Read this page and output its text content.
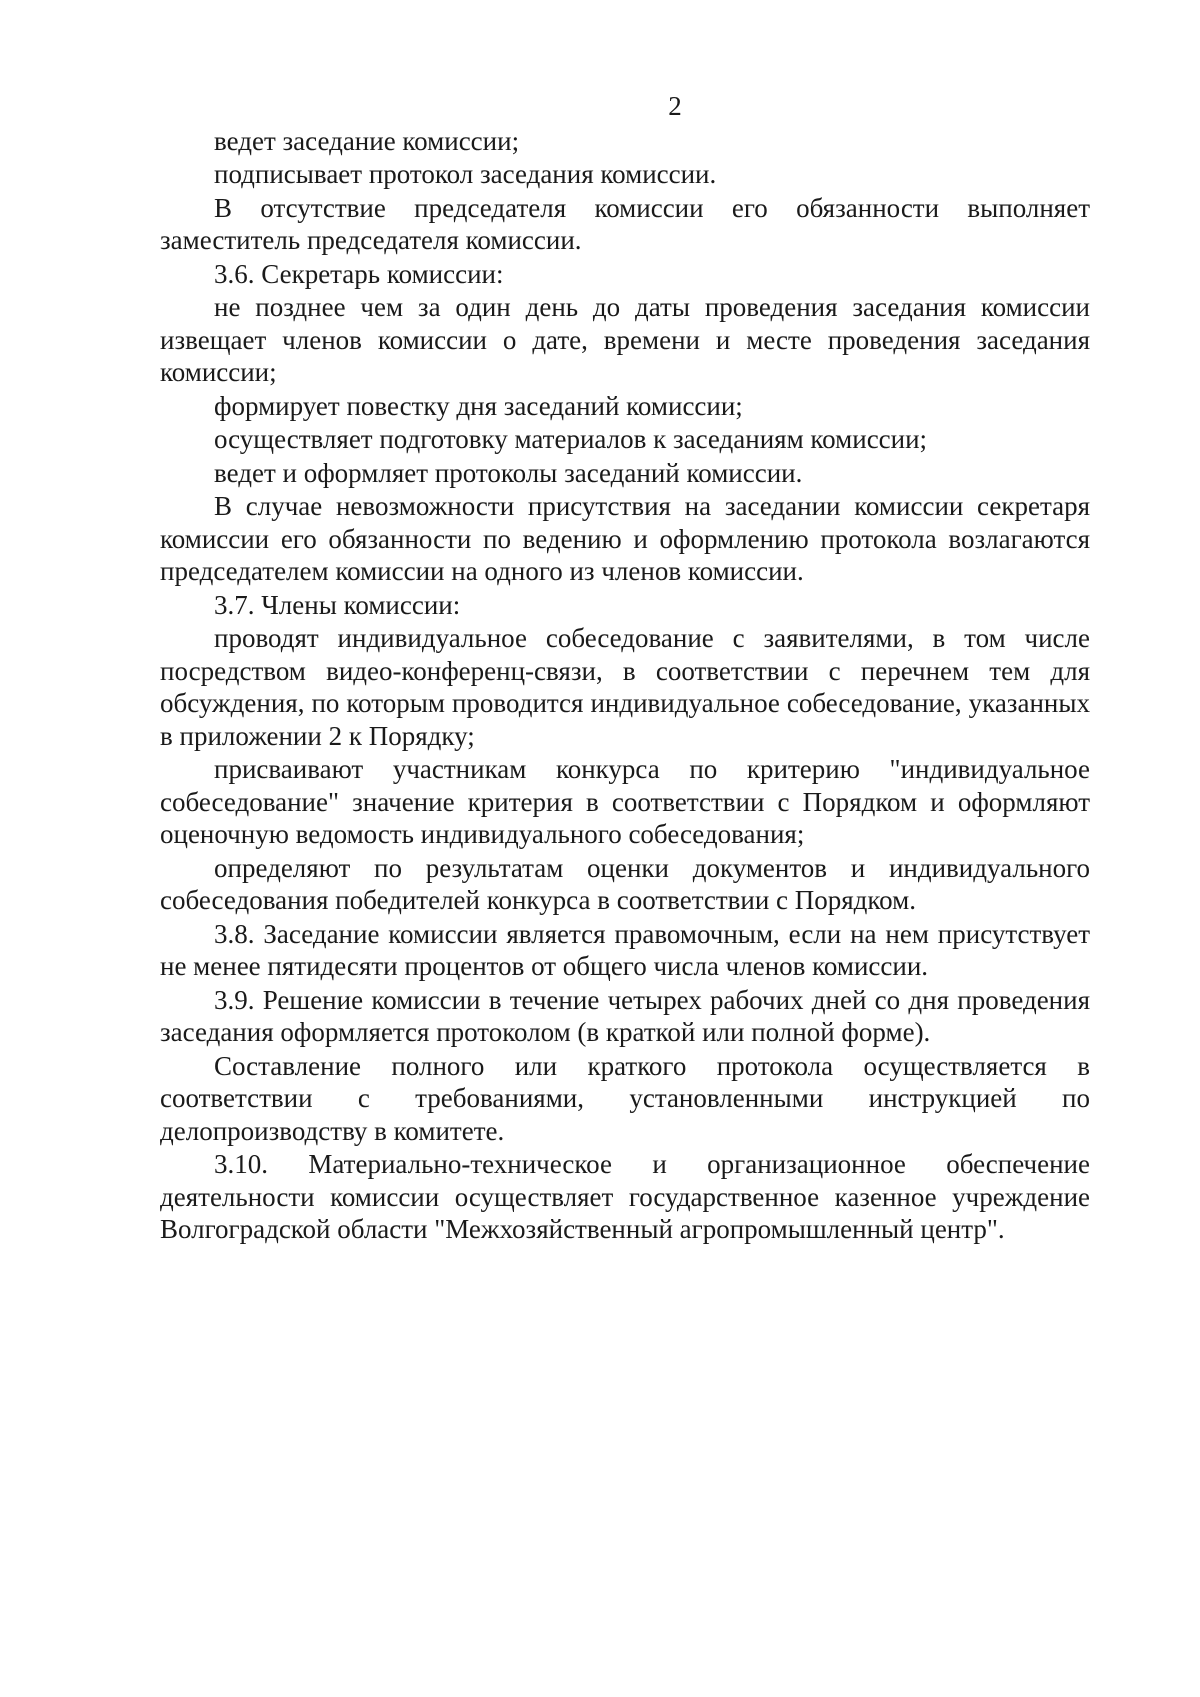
2

ведет заседание комиссии;

подписывает протокол заседания комиссии.

В отсутствие председателя комиссии его обязанности выполняет заместитель председателя комиссии.

3.6. Секретарь комиссии:

не позднее чем за один день до даты проведения заседания комиссии извещает членов комиссии о дате, времени и месте проведения заседания комиссии;

формирует повестку дня заседаний комиссии;

осуществляет подготовку материалов к заседаниям комиссии;

ведет и оформляет протоколы заседаний комиссии.

В случае невозможности присутствия на заседании комиссии секретаря комиссии его обязанности по ведению и оформлению протокола возлагаются председателем комиссии на одного из членов комиссии.

3.7. Члены комиссии:

проводят индивидуальное собеседование с заявителями, в том числе посредством видео-конференц-связи, в соответствии с перечнем тем для обсуждения, по которым проводится индивидуальное собеседование, указанных в приложении 2 к Порядку;

присваивают участникам конкурса по критерию "индивидуальное собеседование" значение критерия в соответствии с Порядком и оформляют оценочную ведомость индивидуального собеседования;

определяют по результатам оценки документов и индивидуального собеседования победителей конкурса в соответствии с Порядком.

3.8. Заседание комиссии является правомочным, если на нем присутствует не менее пятидесяти процентов от общего числа членов комиссии.

3.9. Решение комиссии в течение четырех рабочих дней со дня проведения заседания оформляется протоколом (в краткой или полной форме).

Составление полного или краткого протокола осуществляется в соответствии с требованиями, установленными инструкцией по делопроизводству в комитете.

3.10. Материально-техническое и организационное обеспечение деятельности комиссии осуществляет государственное казенное учреждение Волгоградской области "Межхозяйственный агропромышленный центр".
